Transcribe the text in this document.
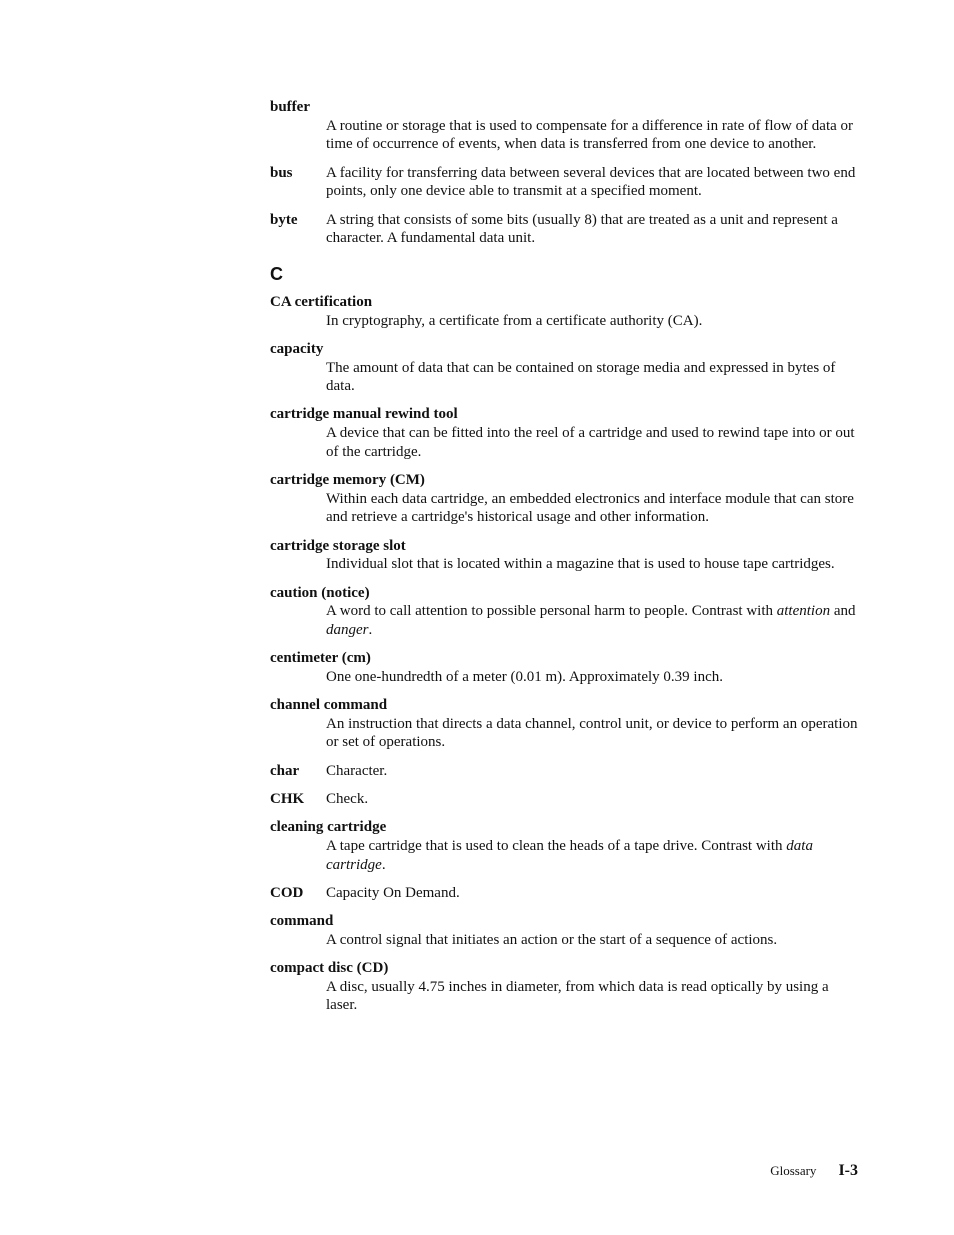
buffer
A routine or storage that is used to compensate for a difference in rate of flow of data or time of occurrence of events, when data is transferred from one device to another.
bus	A facility for transferring data between several devices that are located between two end points, only one device able to transmit at a specified moment.
byte	A string that consists of some bits (usually 8) that are treated as a unit and represent a character. A fundamental data unit.
C
CA certification
In cryptography, a certificate from a certificate authority (CA).
capacity
The amount of data that can be contained on storage media and expressed in bytes of data.
cartridge manual rewind tool
A device that can be fitted into the reel of a cartridge and used to rewind tape into or out of the cartridge.
cartridge memory (CM)
Within each data cartridge, an embedded electronics and interface module that can store and retrieve a cartridge's historical usage and other information.
cartridge storage slot
Individual slot that is located within a magazine that is used to house tape cartridges.
caution (notice)
A word to call attention to possible personal harm to people. Contrast with attention and danger.
centimeter (cm)
One one-hundredth of a meter (0.01 m). Approximately 0.39 inch.
channel command
An instruction that directs a data channel, control unit, or device to perform an operation or set of operations.
char	Character.
CHK	Check.
cleaning cartridge
A tape cartridge that is used to clean the heads of a tape drive. Contrast with data cartridge.
COD	Capacity On Demand.
command
A control signal that initiates an action or the start of a sequence of actions.
compact disc (CD)
A disc, usually 4.75 inches in diameter, from which data is read optically by using a laser.
Glossary I-3
